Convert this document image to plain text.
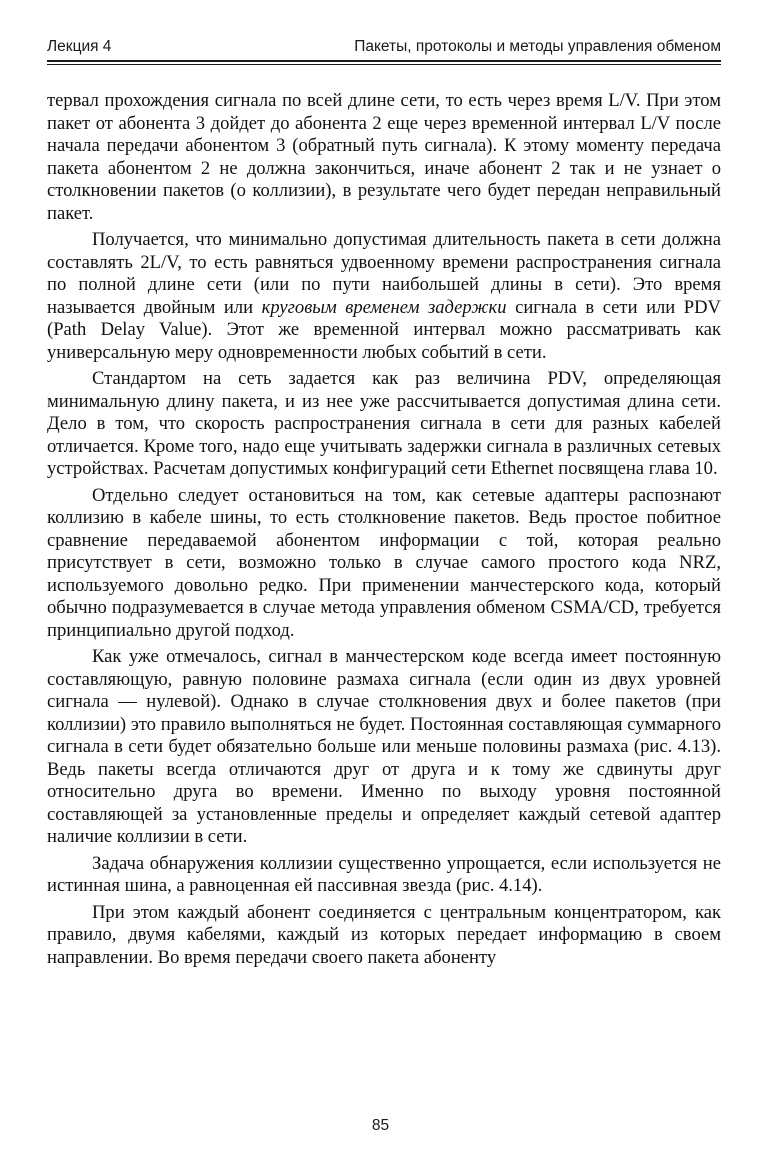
Лекция 4	Пакеты, протоколы и методы управления обменом

тервал прохождения сигнала по всей длине сети, то есть через время L/V. При этом пакет от абонента 3 дойдет до абонента 2 еще через временной интервал L/V после начала передачи абонентом 3 (обратный путь сигнала). К этому моменту передача пакета абонентом 2 не должна закончиться, иначе абонент 2 так и не узнает о столкновении пакетов (о коллизии), в результате чего будет передан неправильный пакет.

Получается, что минимально допустимая длительность пакета в сети должна составлять 2L/V, то есть равняться удвоенному времени распространения сигнала по полной длине сети (или по пути наибольшей длины в сети). Это время называется двойным или круговым временем задержки сигнала в сети или PDV (Path Delay Value). Этот же временной интервал можно рассматривать как универсальную меру одновременности любых событий в сети.

Стандартом на сеть задается как раз величина PDV, определяющая минимальную длину пакета, и из нее уже рассчитывается допустимая длина сети. Дело в том, что скорость распространения сигнала в сети для разных кабелей отличается. Кроме того, надо еще учитывать задержки сигнала в различных сетевых устройствах. Расчетам допустимых конфигураций сети Ethernet посвящена глава 10.

Отдельно следует остановиться на том, как сетевые адаптеры распознают коллизию в кабеле шины, то есть столкновение пакетов. Ведь простое побитное сравнение передаваемой абонентом информации с той, которая реально присутствует в сети, возможно только в случае самого простого кода NRZ, используемого довольно редко. При применении манчестерского кода, который обычно подразумевается в случае метода управления обменом CSMA/CD, требуется принципиально другой подход.

Как уже отмечалось, сигнал в манчестерском коде всегда имеет постоянную составляющую, равную половине размаха сигнала (если один из двух уровней сигнала — нулевой). Однако в случае столкновения двух и более пакетов (при коллизии) это правило выполняться не будет. Постоянная составляющая суммарного сигнала в сети будет обязательно больше или меньше половины размаха (рис. 4.13). Ведь пакеты всегда отличаются друг от друга и к тому же сдвинуты друг относительно друга во времени. Именно по выходу уровня постоянной составляющей за установленные пределы и определяет каждый сетевой адаптер наличие коллизии в сети.

Задача обнаружения коллизии существенно упрощается, если используется не истинная шина, а равноценная ей пассивная звезда (рис. 4.14).

При этом каждый абонент соединяется с центральным концентратором, как правило, двумя кабелями, каждый из которых передает информацию в своем направлении. Во время передачи своего пакета абоненту

85
